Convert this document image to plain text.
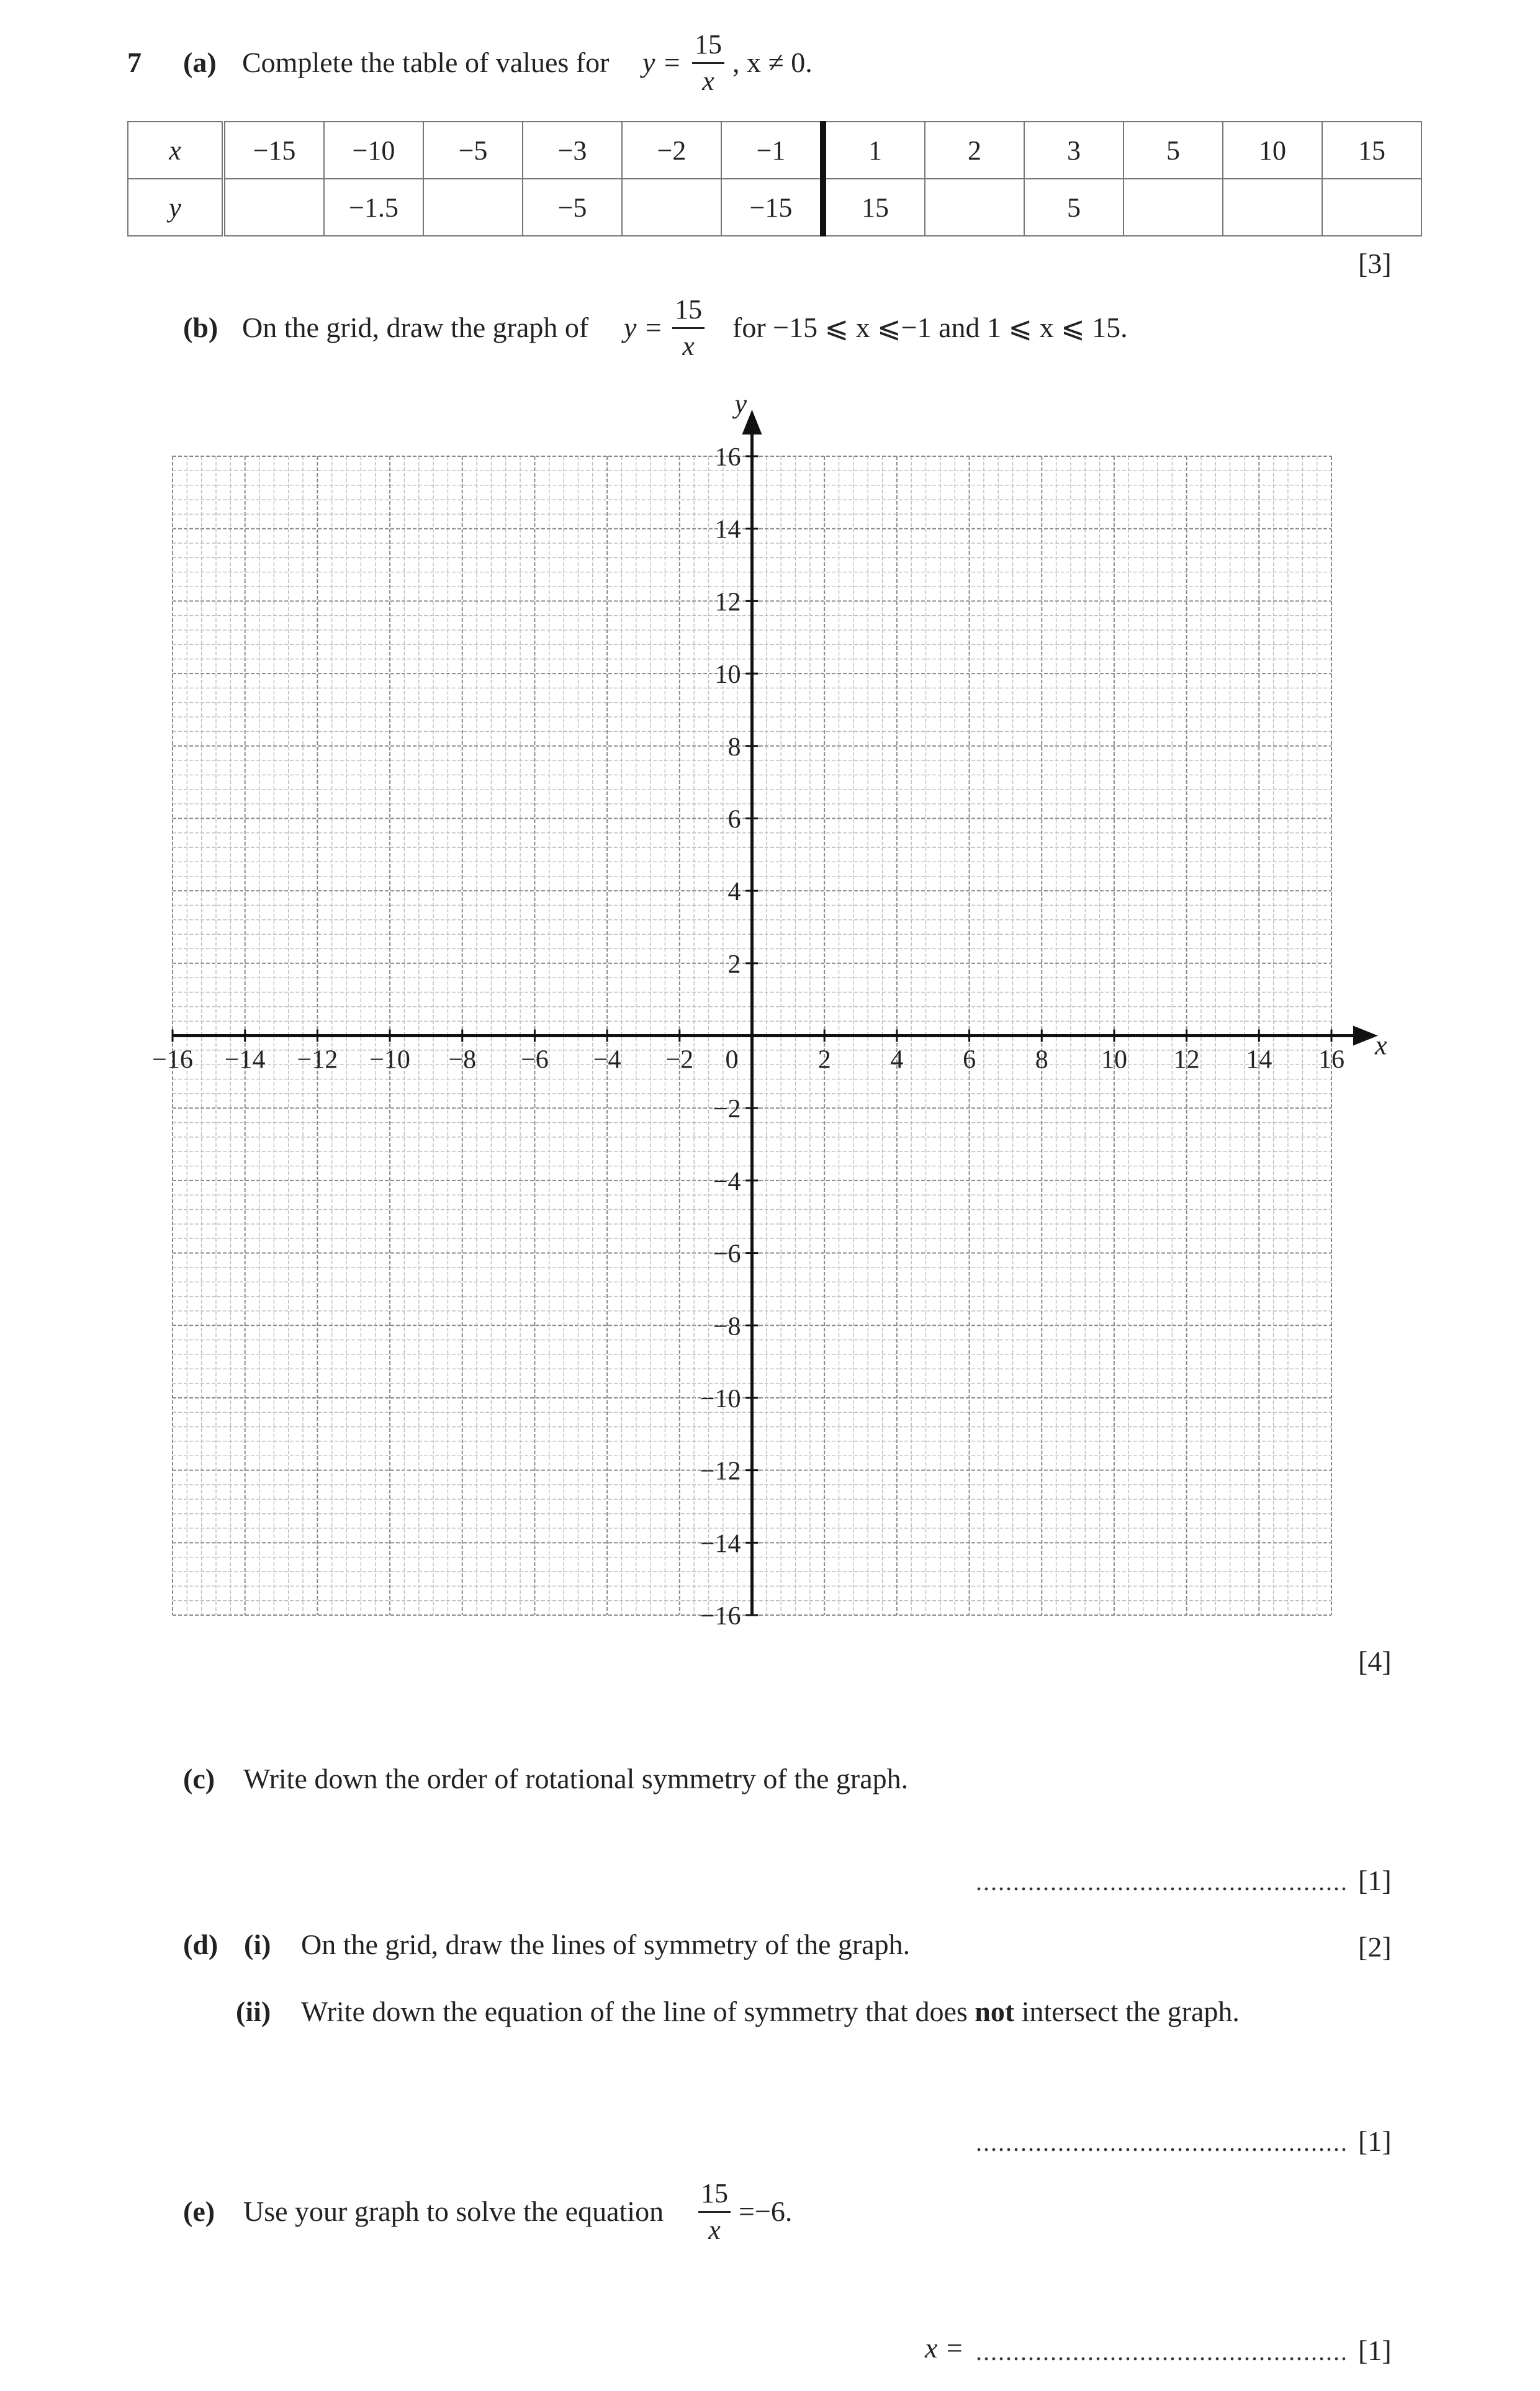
7 (a) Complete the table of values for $y = \frac{15}{x}$ , x ≠ 0.
x	−15	−10	−5	−3	−2	−1	1	2	3	5	10	15
y		−1.5		−5		−15	15		5			
[3]
(b) On the grid, draw the graph of $y = \frac{15}{x}$ for −15 ⩽ x ⩽−1 and 1 ⩽ x ⩽ 15.
x
y
−16 −14 −12 −10 −8 −6 −4 −2 0	2 4 6 8 10 12 14 16
16
14
12
10
8
6
4
2
−2
−4
−6
−8
−10
−12
−14
−16
[4]
(c) Write down the order of rotational symmetry of the graph.
.................................................. [1]
(d) (i) On the grid, draw the lines of symmetry of the graph.	[2]
(ii) Write down the equation of the line of symmetry that does not intersect the graph.
.................................................. [1]
(e) Use your graph to solve the equation $\frac{15}{x} =-6$.
x = .................................................. [1]
